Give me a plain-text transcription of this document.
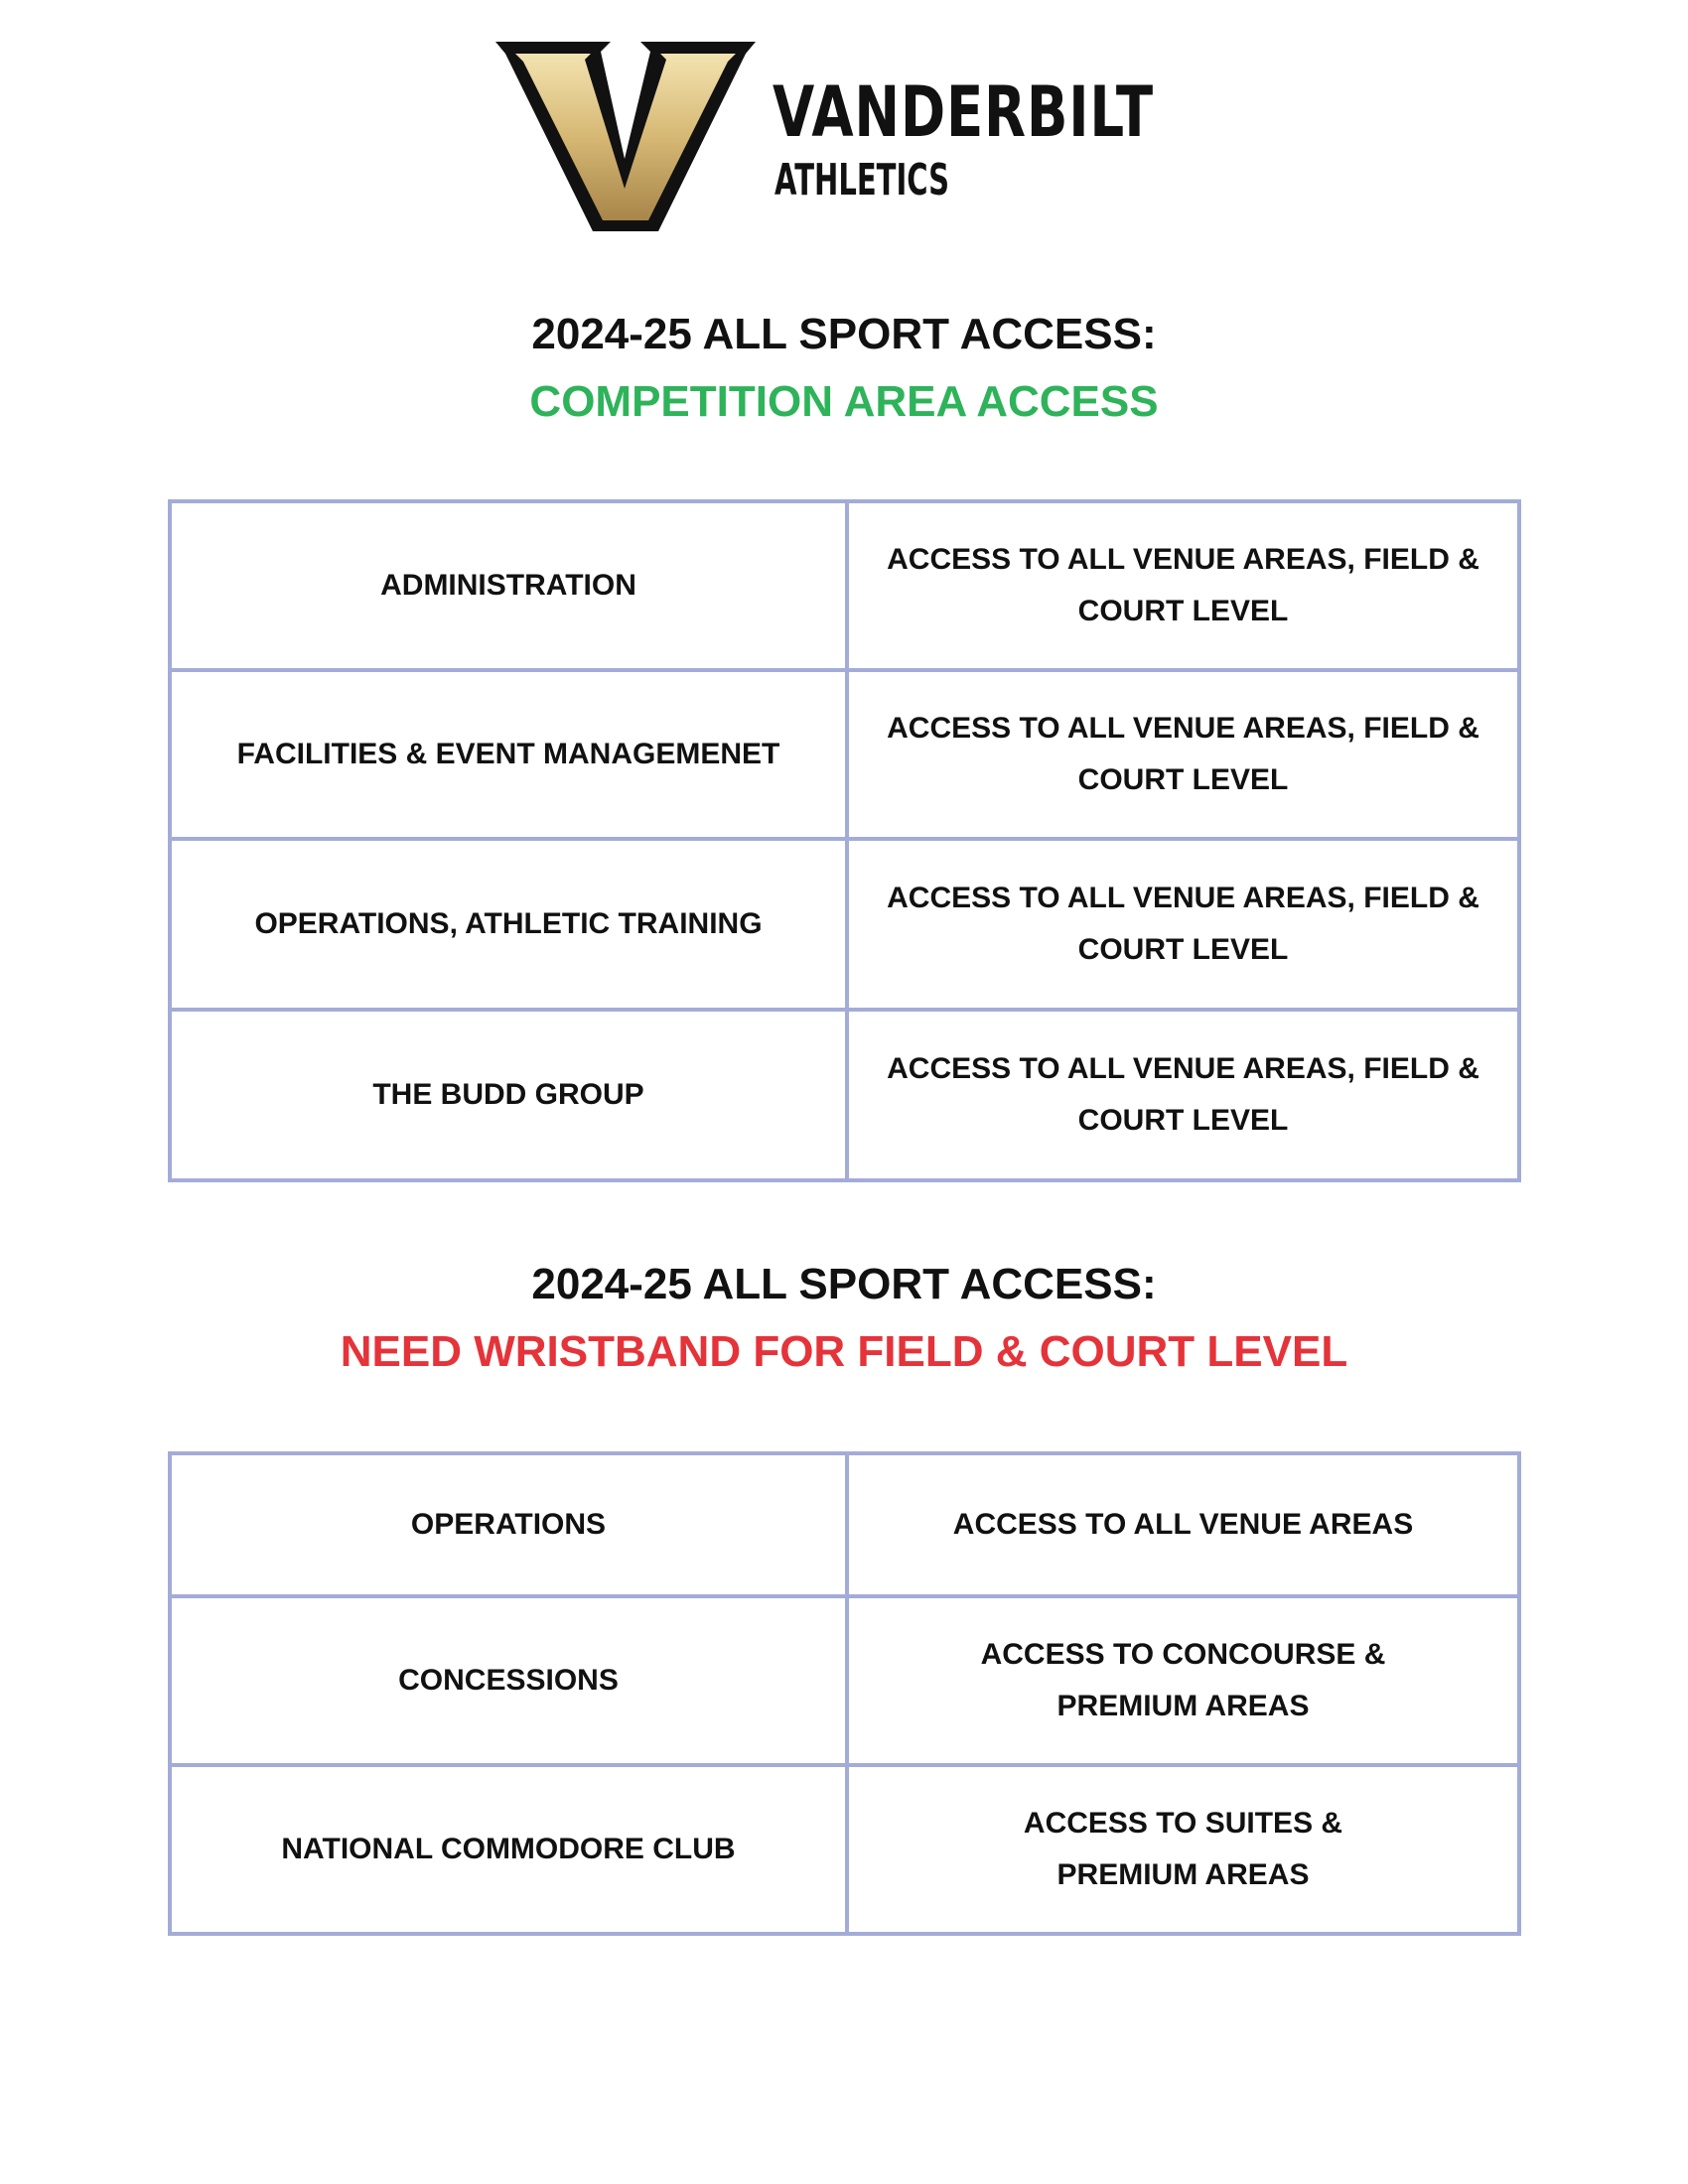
VANDERBILT
ATHLETICS
2024-25 ALL SPORT ACCESS:
COMPETITION AREA ACCESS
ADMINISTRATION	ACCESS TO ALL VENUE AREAS, FIELD & COURT LEVEL
FACILITIES & EVENT MANAGEMENET	ACCESS TO ALL VENUE AREAS, FIELD & COURT LEVEL
OPERATIONS, ATHLETIC TRAINING	ACCESS TO ALL VENUE AREAS, FIELD & COURT LEVEL
THE BUDD GROUP	ACCESS TO ALL VENUE AREAS, FIELD & COURT LEVEL
2024-25 ALL SPORT ACCESS:
NEED WRISTBAND FOR FIELD & COURT LEVEL
OPERATIONS	ACCESS TO ALL VENUE AREAS
CONCESSIONS	ACCESS TO CONCOURSE & PREMIUM AREAS
NATIONAL COMMODORE CLUB	ACCESS TO SUITES & PREMIUM AREAS
